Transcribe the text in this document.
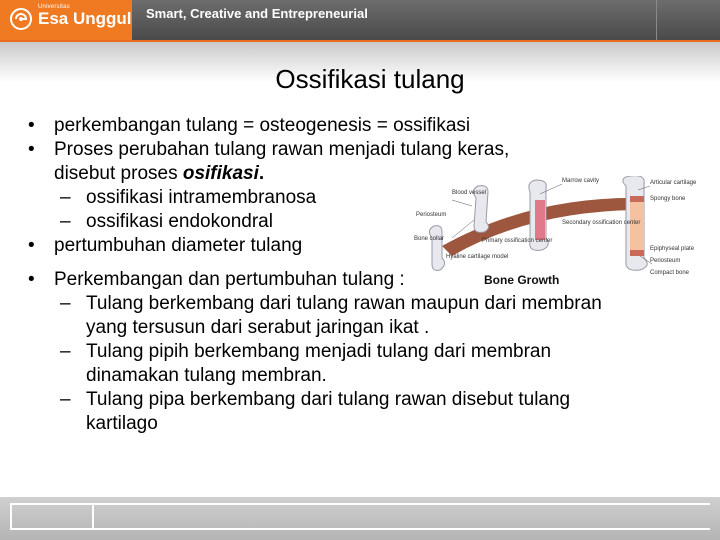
Universitas
Esa Unggul Smart, Creative and Entrepreneurial
Ossifikasi tulang
• perkembangan tulang = osteogenesis = ossifikasi
• Proses perubahan tulang rawan menjadi tulang keras,
disebut proses osifikasi.
– ossifikasi intramembranosa
– ossifikasi endokondral
• pertumbuhan diameter tulang
• Perkembangan dan pertumbuhan tulang :
– Tulang berkembang dari tulang rawan maupun dari membran
yang tersusun dari serabut jaringan ikat .
– Tulang pipih berkembang menjadi tulang dari membran
dinamakan tulang membran.
– Tulang pipa berkembang dari tulang rawan disebut tulang
kartilago
Marrow cavity
Blood vessel
Articular cartilage
Spongy bone
Periosteum
Secondary ossification center
Bone collar	Primary ossification center
Epiphyseal plate
Periosteum
Hyaline cartilage model
Compact bone
Bone Growth
